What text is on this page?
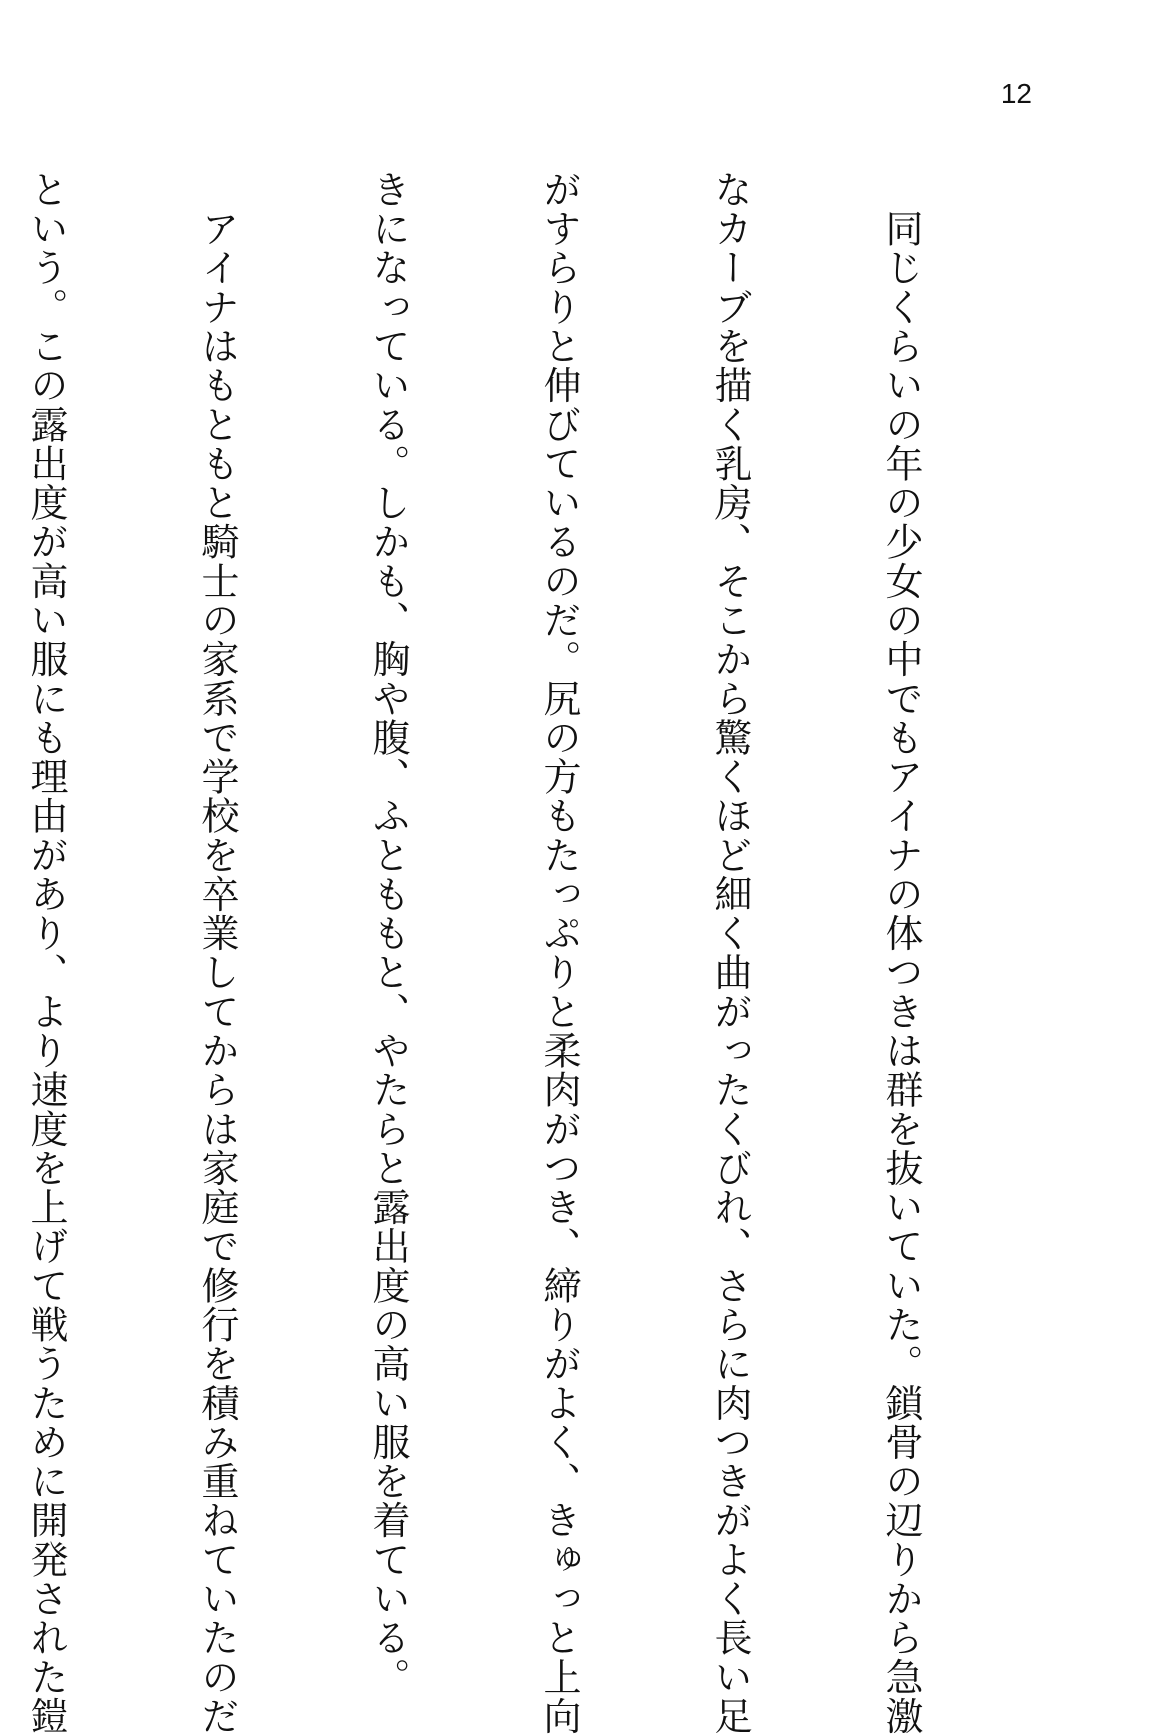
12

　同じくらいの年の少女の中でもアイナの体つきは群を抜いていた。鎖骨の辺りから急激

なカーブを描く乳房、そこから驚くほど細く曲がったくびれ、さらに肉つきがよく長い足

がすらりと伸びているのだ。尻の方もたっぷりと柔肉がつき、締りがよく、きゅっと上向

きになっている。しかも、胸や腹、ふとももと、やたらと露出度の高い服を着ている。

　アイナはもともと騎士の家系で学校を卒業してからは家庭で修行を積み重ねていたのだ

という。この露出度が高い服にも理由があり、より速度を上げて戦うために開発された鎧
